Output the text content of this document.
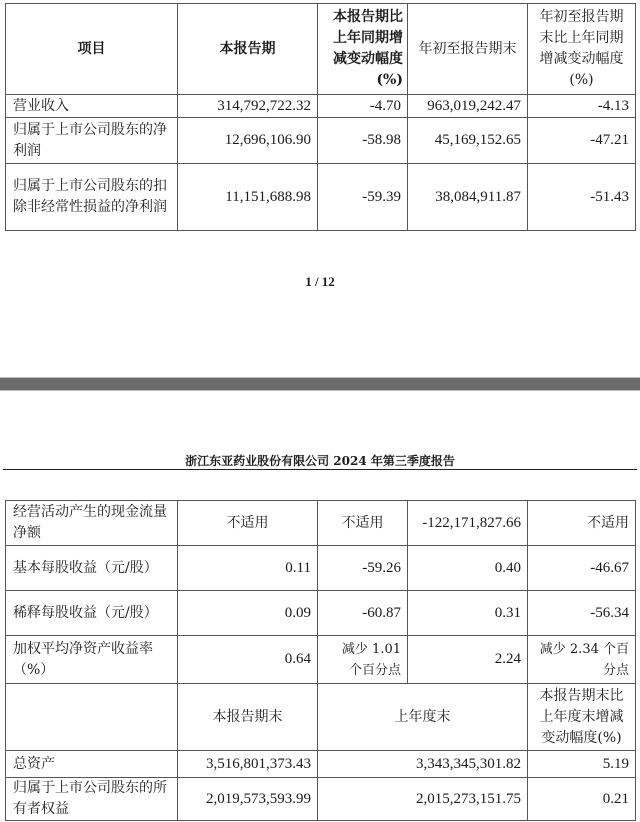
项目	本报告期	本报告期比上年同期增减变动幅度(%)	年初至报告期末	年初至报告期末比上年同期增减变动幅度(%)
营业收入	314,792,722.32	-4.70	963,019,242.47	-4.13
归属于上市公司股东的净利润	12,696,106.90	-58.98	45,169,152.65	-47.21
归属于上市公司股东的扣除非经常性损益的净利润	11,151,688.98	-59.39	38,084,911.87	-51.43
1 / 12
浙江东亚药业股份有限公司 2024 年第三季度报告
经营活动产生的现金流量净额	不适用	不适用	-122,171,827.66	不适用
基本每股收益（元/股）	0.11	-59.26	0.40	-46.67
稀释每股收益（元/股）	0.09	-60.87	0.31	-56.34
加权平均净资产收益率（%）	0.64	减少 1.01 个百分点	2.24	减少 2.34 个百分点
	本报告期末	上年度末		本报告期末比上年度末增减变动幅度(%)
总资产	3,516,801,373.43	3,343,345,301.82		5.19
归属于上市公司股东的所有者权益	2,019,573,593.99	2,015,273,151.75		0.21
